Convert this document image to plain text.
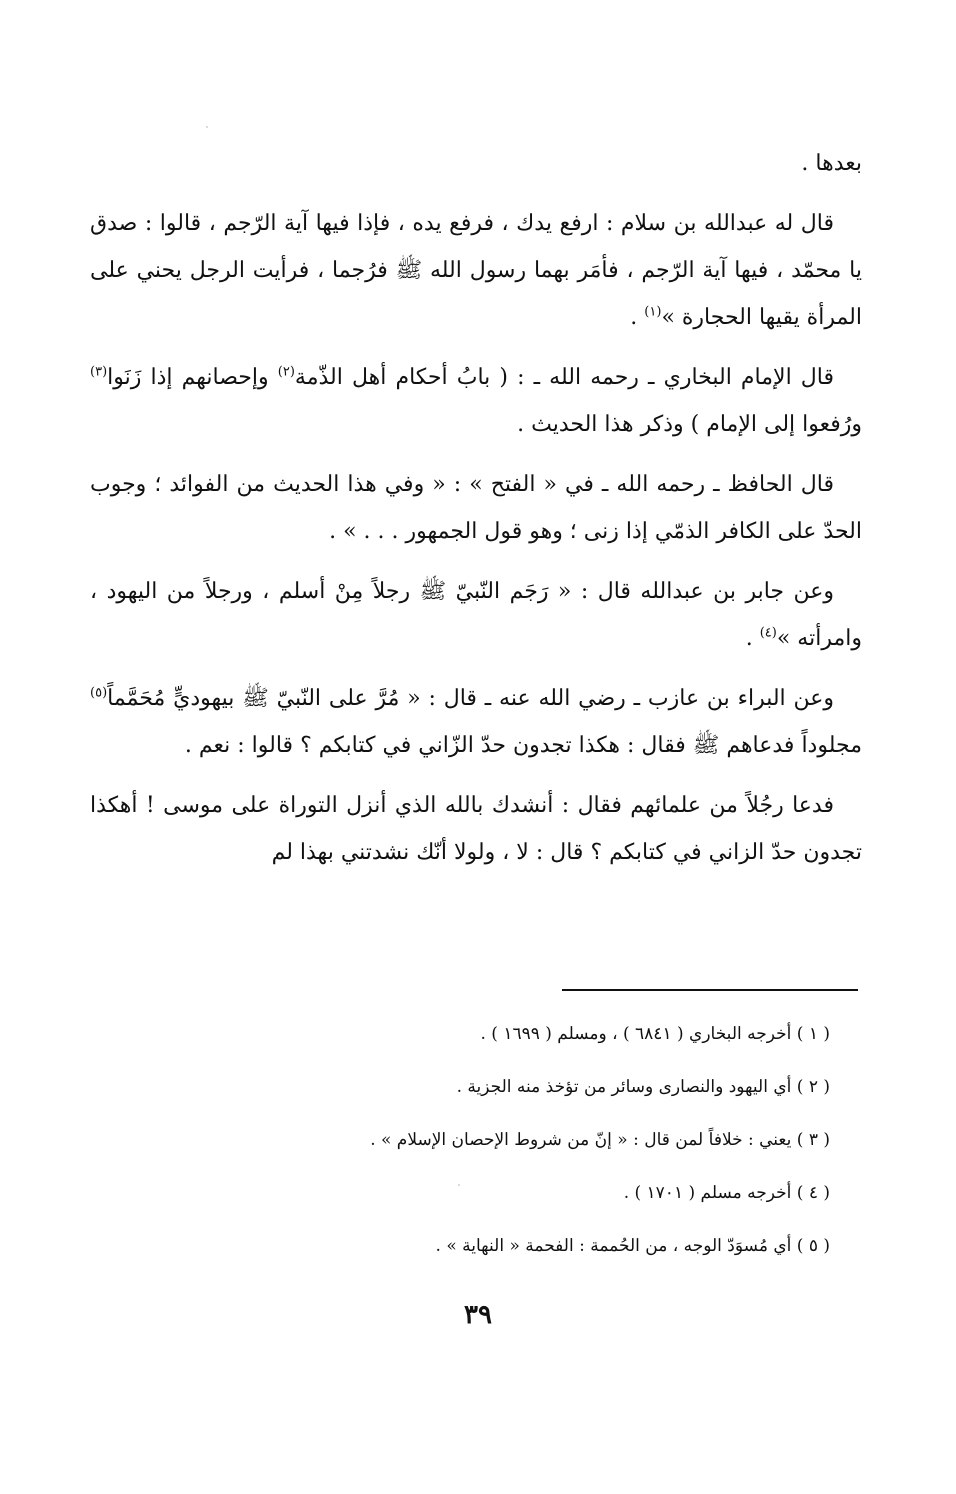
بعدها .

قال له عبدالله بن سلام : ارفع يدك ، فرفع يده ، فإذا فيها آية الرّجم ، قالوا : صدق يا محمّد ، فيها آية الرّجم ، فأمَر بهما رسول الله ﷺ فرُجما ، فرأيت الرجل يحني على المرأة يقيها الحجارة »$^{(١)}$ .

قال الإمام البخاري ـ رحمه الله ـ : ( بابُ أحكام أهل الذّمة$^{(٢)}$ وإحصانهم إذا زَنَوا$^{(٣)}$ ورُفعوا إلى الإمام ) وذكر هذا الحديث .

قال الحافظ ـ رحمه الله ـ في « الفتح » : « وفي هذا الحديث من الفوائد ؛ وجوب الحدّ على الكافر الذمّي إذا زنى ؛ وهو قول الجمهور . . . » .

وعن جابر بن عبدالله قال : « رَجَم النّبيّ ﷺ رجلاً مِنْ أسلم ، ورجلاً من اليهود ، وامرأته »$^{(٤)}$ .

وعن البراء بن عازب ـ رضي الله عنه ـ قال : « مُرَّ على النّبيّ ﷺ بيهوديٍّ مُحَمَّماً$^{(٥)}$ مجلوداً فدعاهم ﷺ فقال : هكذا تجدون حدّ الزّاني في كتابكم ؟ قالوا : نعم .

فدعا رجُلاً من علمائهم فقال : أنشدك بالله الذي أنزل التوراة على موسى ! أهكذا تجدون حدّ الزاني في كتابكم ؟ قال : لا ، ولولا أنّك نشدتني بهذا لم

( ١ ) أخرجه البخاري ( ٦٨٤١ ) ، ومسلم ( ١٦٩٩ ) .

( ٢ ) أي اليهود والنصارى وسائر من تؤخذ منه الجزية .

( ٣ ) يعني : خلافاً لمن قال : « إنّ من شروط الإحصان الإسلام » .

( ٤ ) أخرجه مسلم ( ١٧٠١ ) .

( ٥ ) أي مُسوَدّ الوجه ، من الحُممة : الفحمة « النهاية » .

٣٩
